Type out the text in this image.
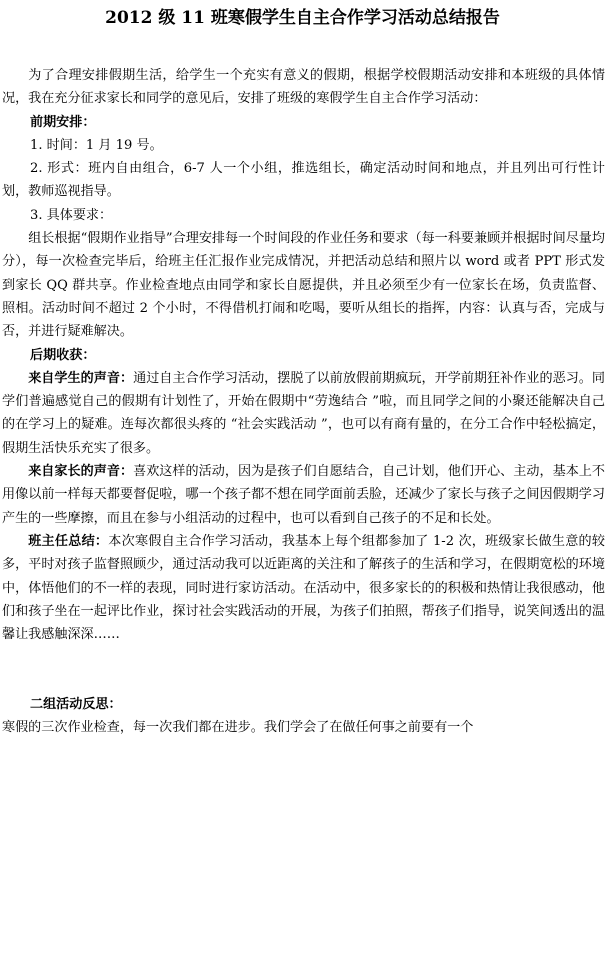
2012 级 11 班寒假学生自主合作学习活动总结报告

为了合理安排假期生活，给学生一个充实有意义的假期，根据学校假期活动安排和本班级的具体情况，我在充分征求家长和同学的意见后，安排了班级的寒假学生自主合作学习活动：

前期安排：

1. 时间：1 月 19 号。

2. 形式：班内自由组合，6-7 人一个小组，推选组长，确定活动时间和地点，并且列出可行性计划，教师巡视指导。

3. 具体要求：

组长根据“假期作业指导”合理安排每一个时间段的作业任务和要求（每一科要兼顾并根据时间尽量均分），每一次检查完毕后，给班主任汇报作业完成情况，并把活动总结和照片以 word 或者 PPT 形式发到家长 QQ 群共享。作业检查地点由同学和家长自愿提供，并且必须至少有一位家长在场，负责监督、照相。活动时间不超过 2 个小时，不得借机打闹和吃喝，要听从组长的指挥，内容：认真与否，完成与否，并进行疑难解决。

后期收获：

来自学生的声音：通过自主合作学习活动，摆脱了以前放假前期疯玩，开学前期狂补作业的恶习。同学们普遍感觉自己的假期有计划性了，开始在假期中“劳逸结合 ”啦，而且同学之间的小聚还能解决自己的在学习上的疑难。连每次都很头疼的 “社会实践活动 ”，也可以有商有量的，在分工合作中轻松搞定，假期生活快乐充实了很多。

来自家长的声音：喜欢这样的活动，因为是孩子们自愿结合，自己计划，他们开心、主动，基本上不用像以前一样每天都要督促啦，哪一个孩子都不想在同学面前丢脸，还减少了家长与孩子之间因假期学习产生的一些摩擦，而且在参与小组活动的过程中，也可以看到自己孩子的不足和长处。

班主任总结：本次寒假自主合作学习活动，我基本上每个组都参加了 1-2 次，班级家长做生意的较多，平时对孩子监督照顾少，通过活动我可以近距离的关注和了解孩子的生活和学习，在假期宽松的环境中，体悟他们的不一样的表现，同时进行家访活动。在活动中，很多家长的的积极和热情让我很感动，他们和孩子坐在一起评比作业，探讨社会实践活动的开展，为孩子们拍照，帮孩子们指导，说笑间透出的温馨让我感触深深……

二组活动反思：

寒假的三次作业检查，每一次我们都在进步。我们学会了在做任何事之前要有一个
